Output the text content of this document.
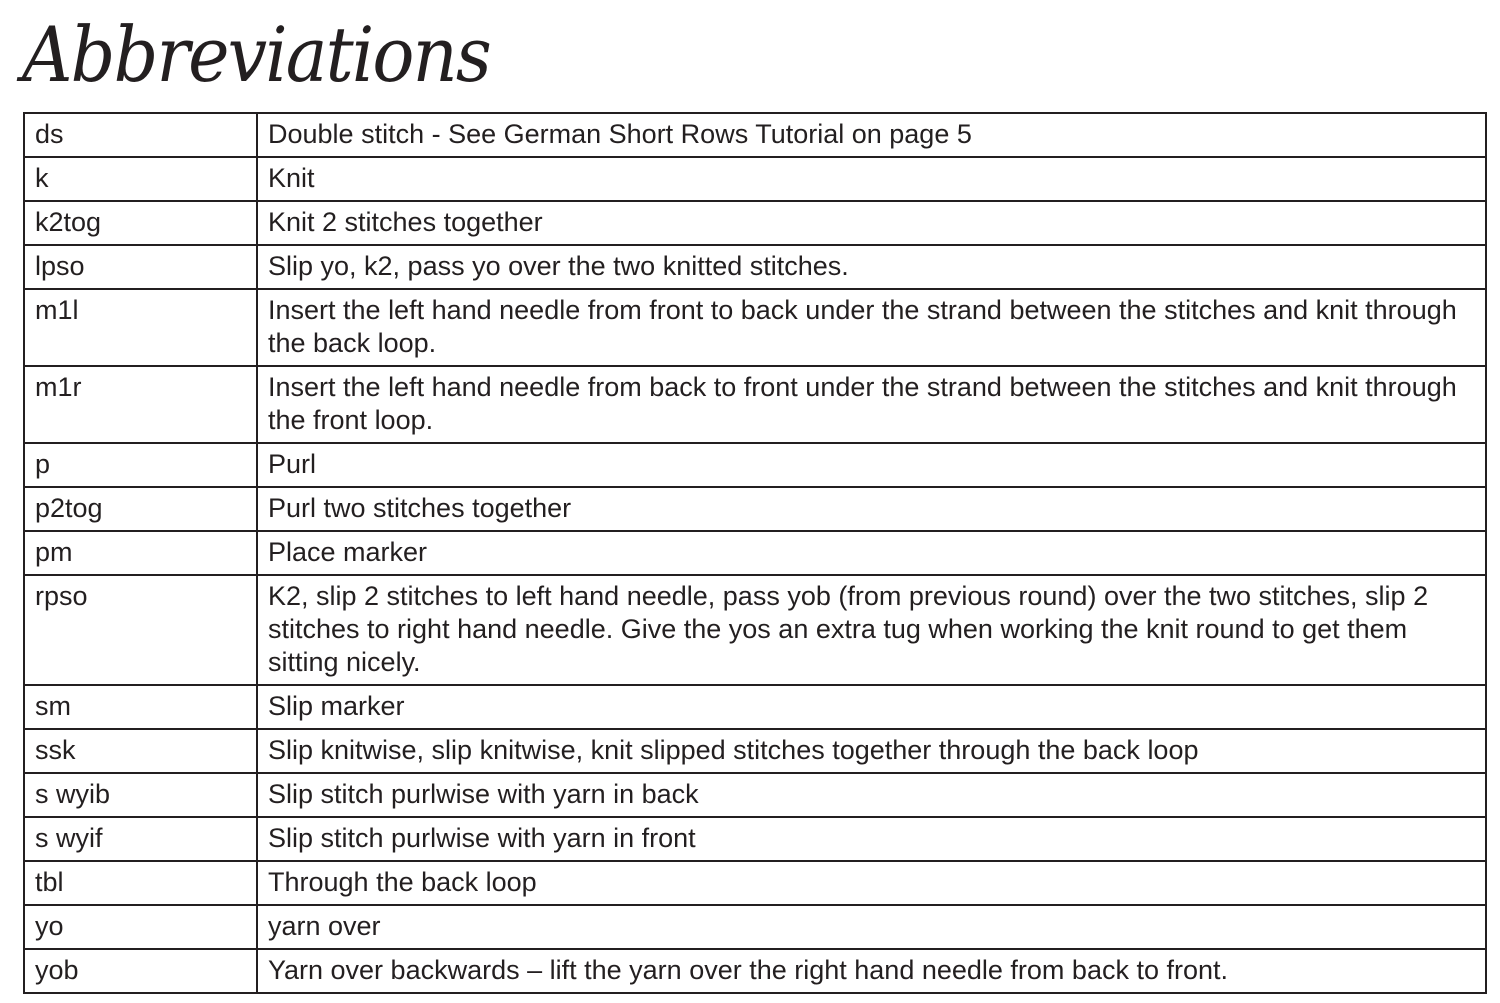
Abbreviations
ds	Double stitch - See German Short Rows Tutorial on page 5
k	Knit
k2tog	Knit 2 stitches together
lpso	Slip yo, k2, pass yo over the two knitted stitches.
m1l	Insert the left hand needle from front to back under the strand between the stitches and knit through the back loop.
m1r	Insert the left hand needle from back to front under the strand between the stitches and knit through the front loop.
p	Purl
p2tog	Purl two stitches together
pm	Place marker
rpso	K2, slip 2 stitches to left hand needle, pass yob (from previous round) over the two stitches, slip 2 stitches to right hand needle. Give the yos an extra tug when working the knit round to get them sitting nicely.
sm	Slip marker
ssk	Slip knitwise, slip knitwise, knit slipped stitches together through the back loop
s wyib	Slip stitch purlwise with yarn in back
s wyif	Slip stitch purlwise with yarn in front
tbl	Through the back loop
yo	yarn over
yob	Yarn over backwards – lift the yarn over the right hand needle from back to front.
